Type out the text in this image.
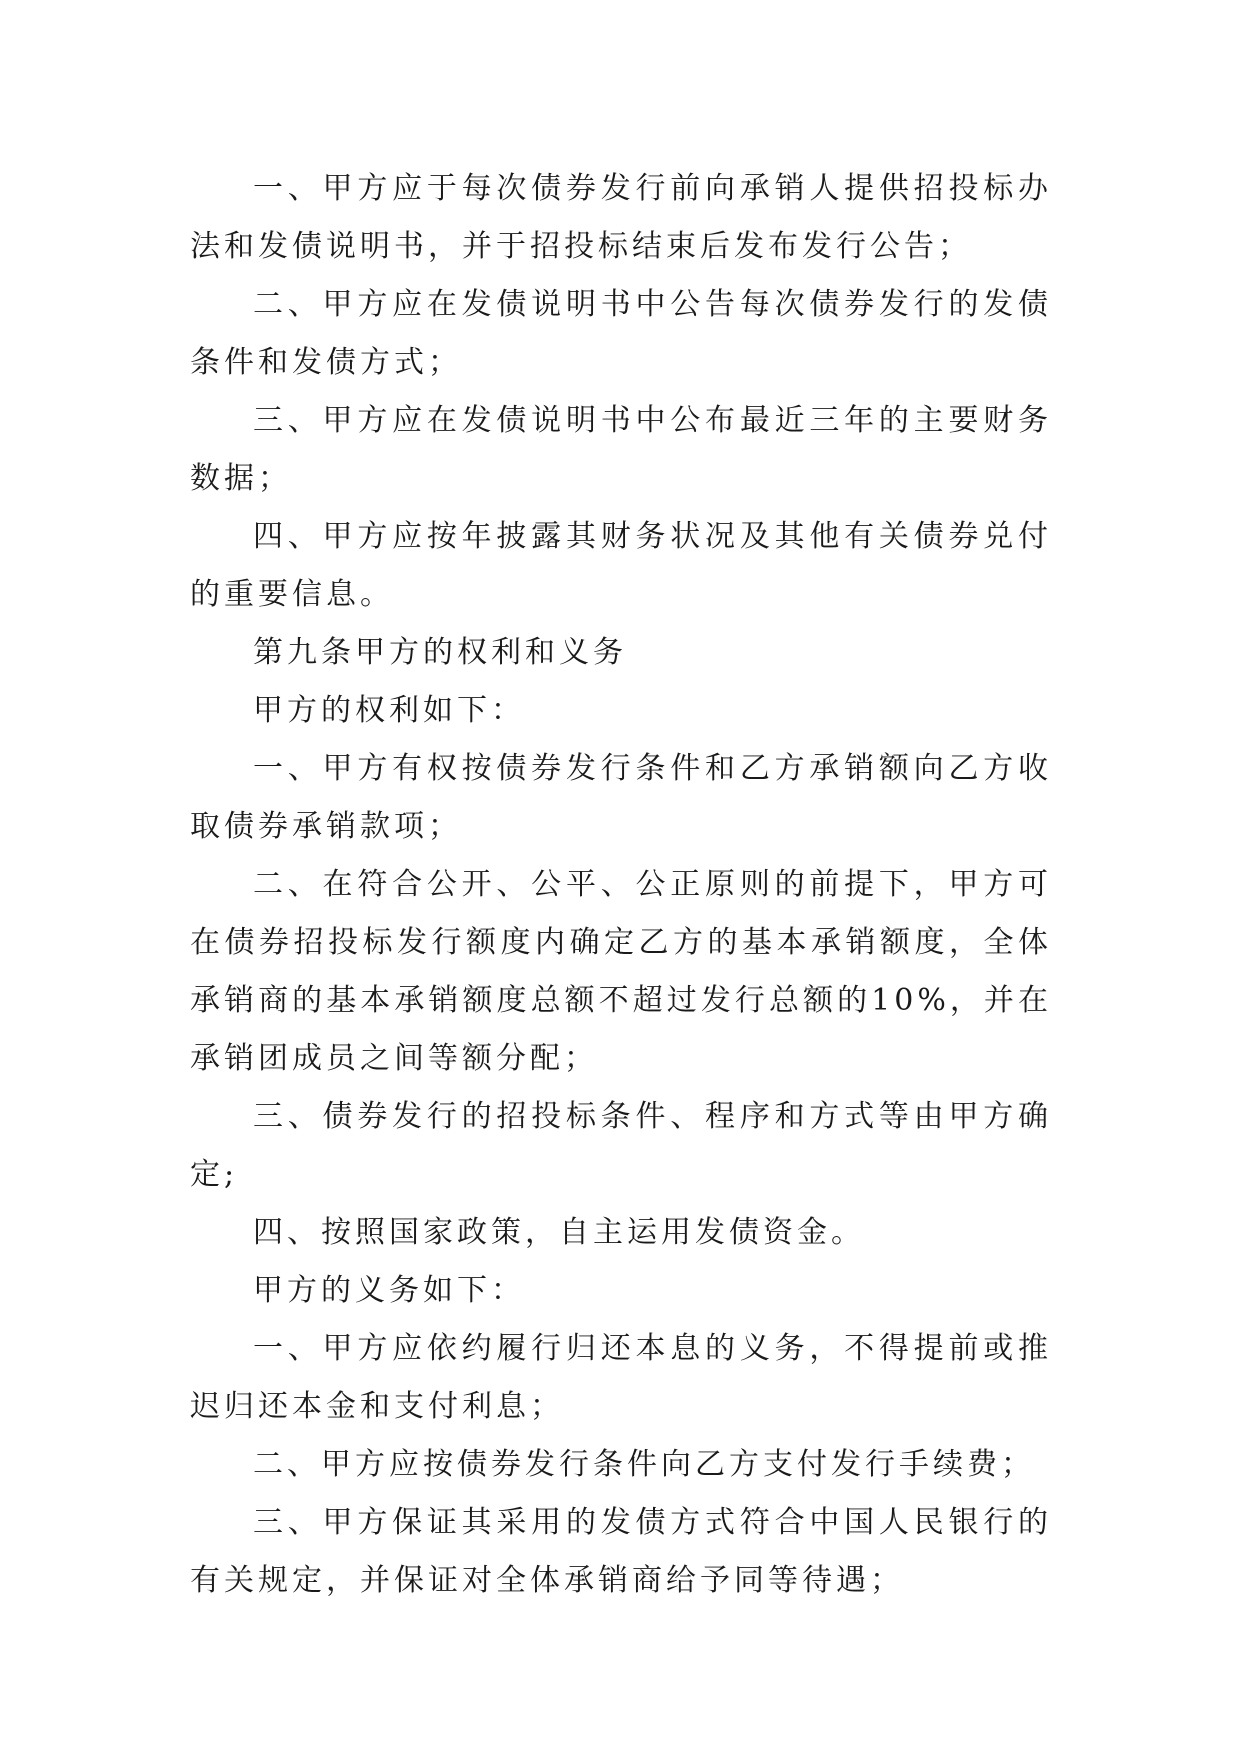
一、甲方应于每次债券发行前向承销人提供招投标办法和发债说明书，并于招投标结束后发布发行公告；

二、甲方应在发债说明书中公告每次债券发行的发债条件和发债方式；

三、甲方应在发债说明书中公布最近三年的主要财务数据；

四、甲方应按年披露其财务状况及其他有关债券兑付的重要信息。

第九条甲方的权利和义务

甲方的权利如下：

一、甲方有权按债券发行条件和乙方承销额向乙方收取债券承销款项；

二、在符合公开、公平、公正原则的前提下，甲方可在债券招投标发行额度内确定乙方的基本承销额度，全体承销商的基本承销额度总额不超过发行总额的10%，并在承销团成员之间等额分配；

三、债券发行的招投标条件、程序和方式等由甲方确定;

四、按照国家政策，自主运用发债资金。

甲方的义务如下：

一、甲方应依约履行归还本息的义务，不得提前或推迟归还本金和支付利息；

二、甲方应按债券发行条件向乙方支付发行手续费；

三、甲方保证其采用的发债方式符合中国人民银行的有关规定，并保证对全体承销商给予同等待遇；
